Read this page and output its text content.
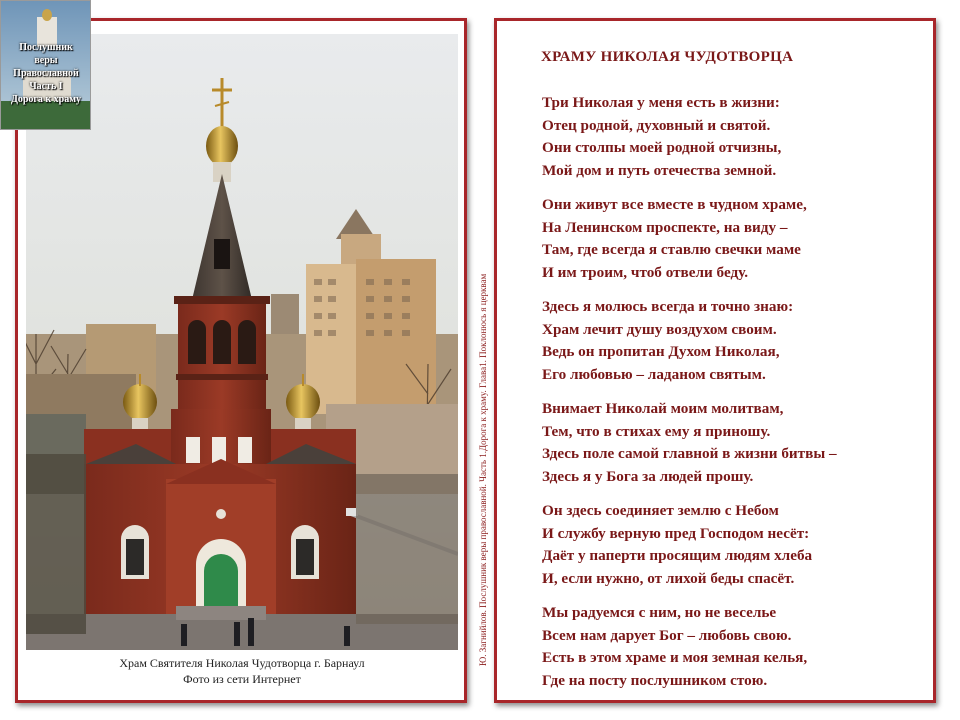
Храм Святителя Николая Чудотворца г. Барнаул
Фото из сети Интернет
Послушник
веры
Православной
Часть I
Дорога к храму
Ю. Загнийлов. Послушник веры православной. Часть 1.Дорога к храму. Глава1. Поклонюсь я церквам
ХРАМУ НИКОЛАЯ ЧУДОТВОРЦА
Три Николая у меня есть в жизни:
Отец родной, духовный и святой.
Они столпы моей родной отчизны,
Мой дом и путь отечества земной.
Они живут все вместе в чудном храме,
На Ленинском проспекте, на виду –
Там, где всегда я ставлю свечки маме
И им троим, чтоб отвели беду.
Здесь я молюсь всегда и точно знаю:
Храм лечит душу воздухом своим.
Ведь он пропитан Духом Николая,
Его любовью – ладаном святым.
Внимает Николай моим молитвам,
Тем, что в стихах ему я приношу.
Здесь поле самой главной в жизни битвы –
Здесь я у Бога за людей прошу.
Он здесь соединяет землю с Небом
И службу верную пред Господом несёт:
Даёт у паперти просящим людям хлеба
И, если нужно, от лихой беды спасёт.
Мы радуемся с ним, но не веселье
Всем нам дарует Бог – любовь свою.
Есть в этом храме и моя земная келья,
Где на посту послушником стою.
